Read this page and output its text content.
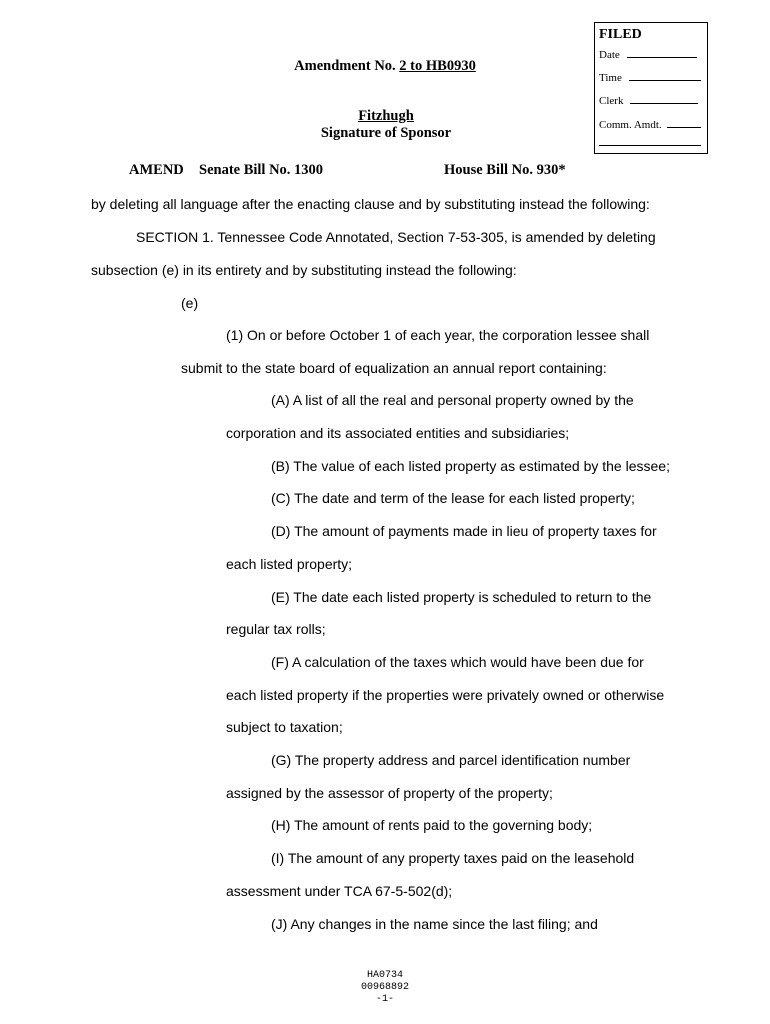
Amendment No. 2 to HB0930
Fitzhugh
Signature of Sponsor
FILED
Date
Time
Clerk
Comm. Amdt.
AMEND Senate Bill No. 1300	House Bill No. 930*
by deleting all language after the enacting clause and by substituting instead the following:
SECTION 1. Tennessee Code Annotated, Section 7-53-305, is amended by deleting
subsection (e) in its entirety and by substituting instead the following:
(e)
(1) On or before October 1 of each year, the corporation lessee shall
submit to the state board of equalization an annual report containing:
(A) A list of all the real and personal property owned by the
corporation and its associated entities and subsidiaries;
(B) The value of each listed property as estimated by the lessee;
(C) The date and term of the lease for each listed property;
(D) The amount of payments made in lieu of property taxes for
each listed property;
(E) The date each listed property is scheduled to return to the
regular tax rolls;
(F) A calculation of the taxes which would have been due for
each listed property if the properties were privately owned or otherwise
subject to taxation;
(G) The property address and parcel identification number
assigned by the assessor of property of the property;
(H) The amount of rents paid to the governing body;
(I) The amount of any property taxes paid on the leasehold
assessment under TCA 67-5-502(d);
(J) Any changes in the name since the last filing; and
HA0734
00968892
-1-
